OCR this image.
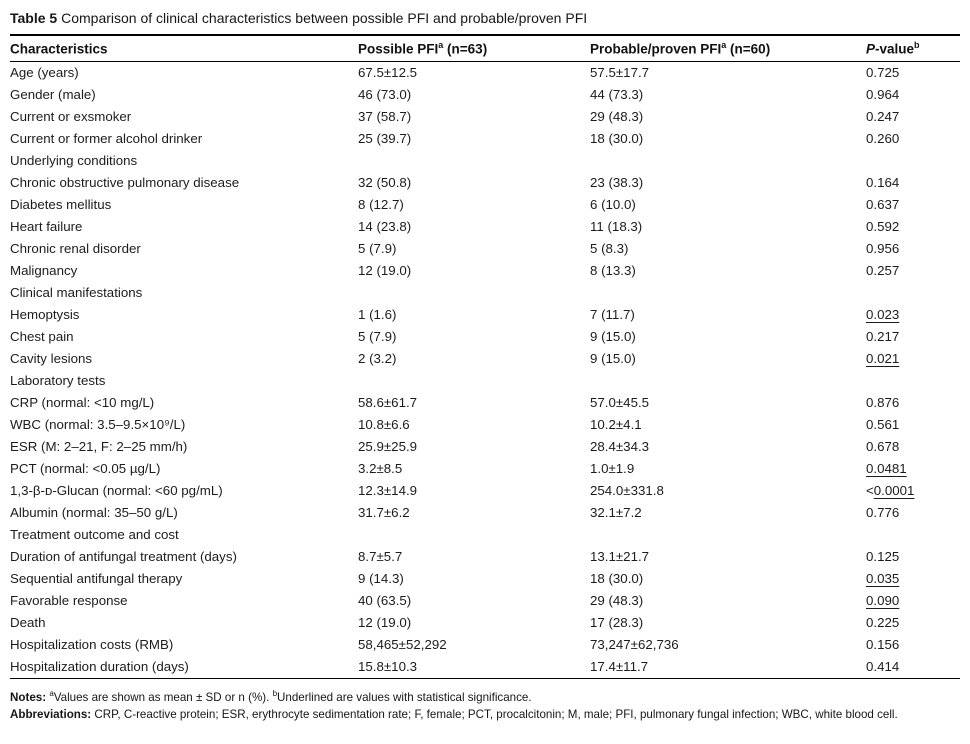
Table 5 Comparison of clinical characteristics between possible PFI and probable/proven PFI
Characteristics	Possible PFI$^a$ (n=63)	Probable/proven PFI$^a$ (n=60)	P-value$^b$
Age (years)	67.5±12.5	57.5±17.7	0.725
Gender (male)	46 (73.0)	44 (73.3)	0.964
Current or exsmoker	37 (58.7)	29 (48.3)	0.247
Current or former alcohol drinker	25 (39.7)	18 (30.0)	0.260
Underlying conditions			
Chronic obstructive pulmonary disease	32 (50.8)	23 (38.3)	0.164
Diabetes mellitus	8 (12.7)	6 (10.0)	0.637
Heart failure	14 (23.8)	11 (18.3)	0.592
Chronic renal disorder	5 (7.9)	5 (8.3)	0.956
Malignancy	12 (19.0)	8 (13.3)	0.257
Clinical manifestations			
Hemoptysis	1 (1.6)	7 (11.7)	0.023
Chest pain	5 (7.9)	9 (15.0)	0.217
Cavity lesions	2 (3.2)	9 (15.0)	0.021
Laboratory tests			
CRP (normal: <10 mg/L)	58.6±61.7	57.0±45.5	0.876
WBC (normal: 3.5–9.5×10⁹/L)	10.8±6.6	10.2±4.1	0.561
ESR (M: 2–21, F: 2–25 mm/h)	25.9±25.9	28.4±34.3	0.678
PCT (normal: <0.05 µg/L)	3.2±8.5	1.0±1.9	0.0481
1,3-β-ᴅ-Glucan (normal: <60 pg/mL)	12.3±14.9	254.0±331.8	<0.0001
Albumin (normal: 35–50 g/L)	31.7±6.2	32.1±7.2	0.776
Treatment outcome and cost			
Duration of antifungal treatment (days)	8.7±5.7	13.1±21.7	0.125
Sequential antifungal therapy	9 (14.3)	18 (30.0)	0.035
Favorable response	40 (63.5)	29 (48.3)	0.090
Death	12 (19.0)	17 (28.3)	0.225
Hospitalization costs (RMB)	58,465±52,292	73,247±62,736	0.156
Hospitalization duration (days)	15.8±10.3	17.4±11.7	0.414
Notes: $^a$Values are shown as mean ± SD or n (%). $^b$Underlined are values with statistical significance.
Abbreviations: CRP, C-reactive protein; ESR, erythrocyte sedimentation rate; F, female; PCT, procalcitonin; M, male; PFI, pulmonary fungal infection; WBC, white blood cell.
